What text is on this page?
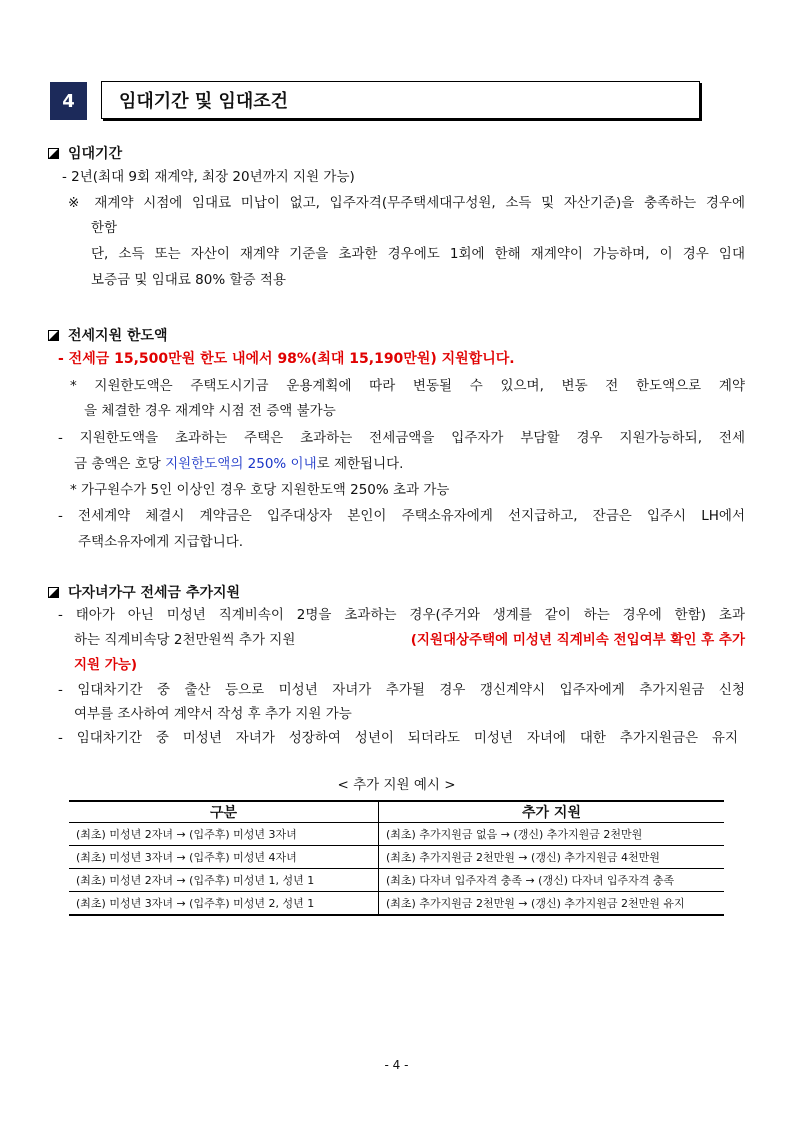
4	임대기간 및 임대조건
임대기간
- 2년(최대 9회 재계약, 최장 20년까지 지원 가능)
※ 재계약 시점에 임대료 미납이 없고, 입주자격(무주택세대구성원, 소득 및 자산기준)을 충족하는 경우에
한함
단, 소득 또는 자산이 재계약 기준을 초과한 경우에도 1회에 한해 재계약이 가능하며, 이 경우 임대
보증금 및 임대료 80% 할증 적용
전세지원 한도액
- 전세금 15,500만원 한도 내에서 98%(최대 15,190만원) 지원합니다.
* 지원한도액은 주택도시기금 운용계획에 따라 변동될 수 있으며, 변동 전 한도액으로 계약
을 체결한 경우 재계약 시점 전 증액 불가능
- 지원한도액을 초과하는 주택은 초과하는 전세금액을 입주자가 부담할 경우 지원가능하되, 전세
금 총액은 호당 지원한도액의 250% 이내로 제한됩니다.
* 가구원수가 5인 이상인 경우 호당 지원한도액 250% 초과 가능
- 전세계약 체결시 계약금은 입주대상자 본인이 주택소유자에게 선지급하고, 잔금은 입주시 LH에서
주택소유자에게 지급합니다.
다자녀가구 전세금 추가지원
- 태아가 아닌 미성년 직계비속이 2명을 초과하는 경우(주거와 생계를 같이 하는 경우에 한함) 초과
하는 직계비속당 2천만원씩 추가 지원	(지원대상주택에 미성년 직계비속 전입여부 확인 후 추가
지원 가능)
- 임대차기간 중 출산 등으로 미성년 자녀가 추가될 경우 갱신계약시 입주자에게 추가지원금 신청
여부를 조사하여 계약서 작성 후 추가 지원 가능
- 임대차기간 중 미성년 자녀가 성장하여 성년이 되더라도 미성년 자녀에 대한 추가지원금은 유지
< 추가 지원 예시 >
구분	추가 지원
(최초) 미성년 2자녀 → (입주후) 미성년 3자녀	(최초) 추가지원금 없음 → (갱신) 추가지원금 2천만원
(최초) 미성년 3자녀 → (입주후) 미성년 4자녀	(최초) 추가지원금 2천만원 → (갱신) 추가지원금 4천만원
(최초) 미성년 2자녀 → (입주후) 미성년 1, 성년 1	(최초) 다자녀 입주자격 충족 → (갱신) 다자녀 입주자격 충족
(최초) 미성년 3자녀 → (입주후) 미성년 2, 성년 1	(최초) 추가지원금 2천만원 → (갱신) 추가지원금 2천만원 유지
- 4 -
